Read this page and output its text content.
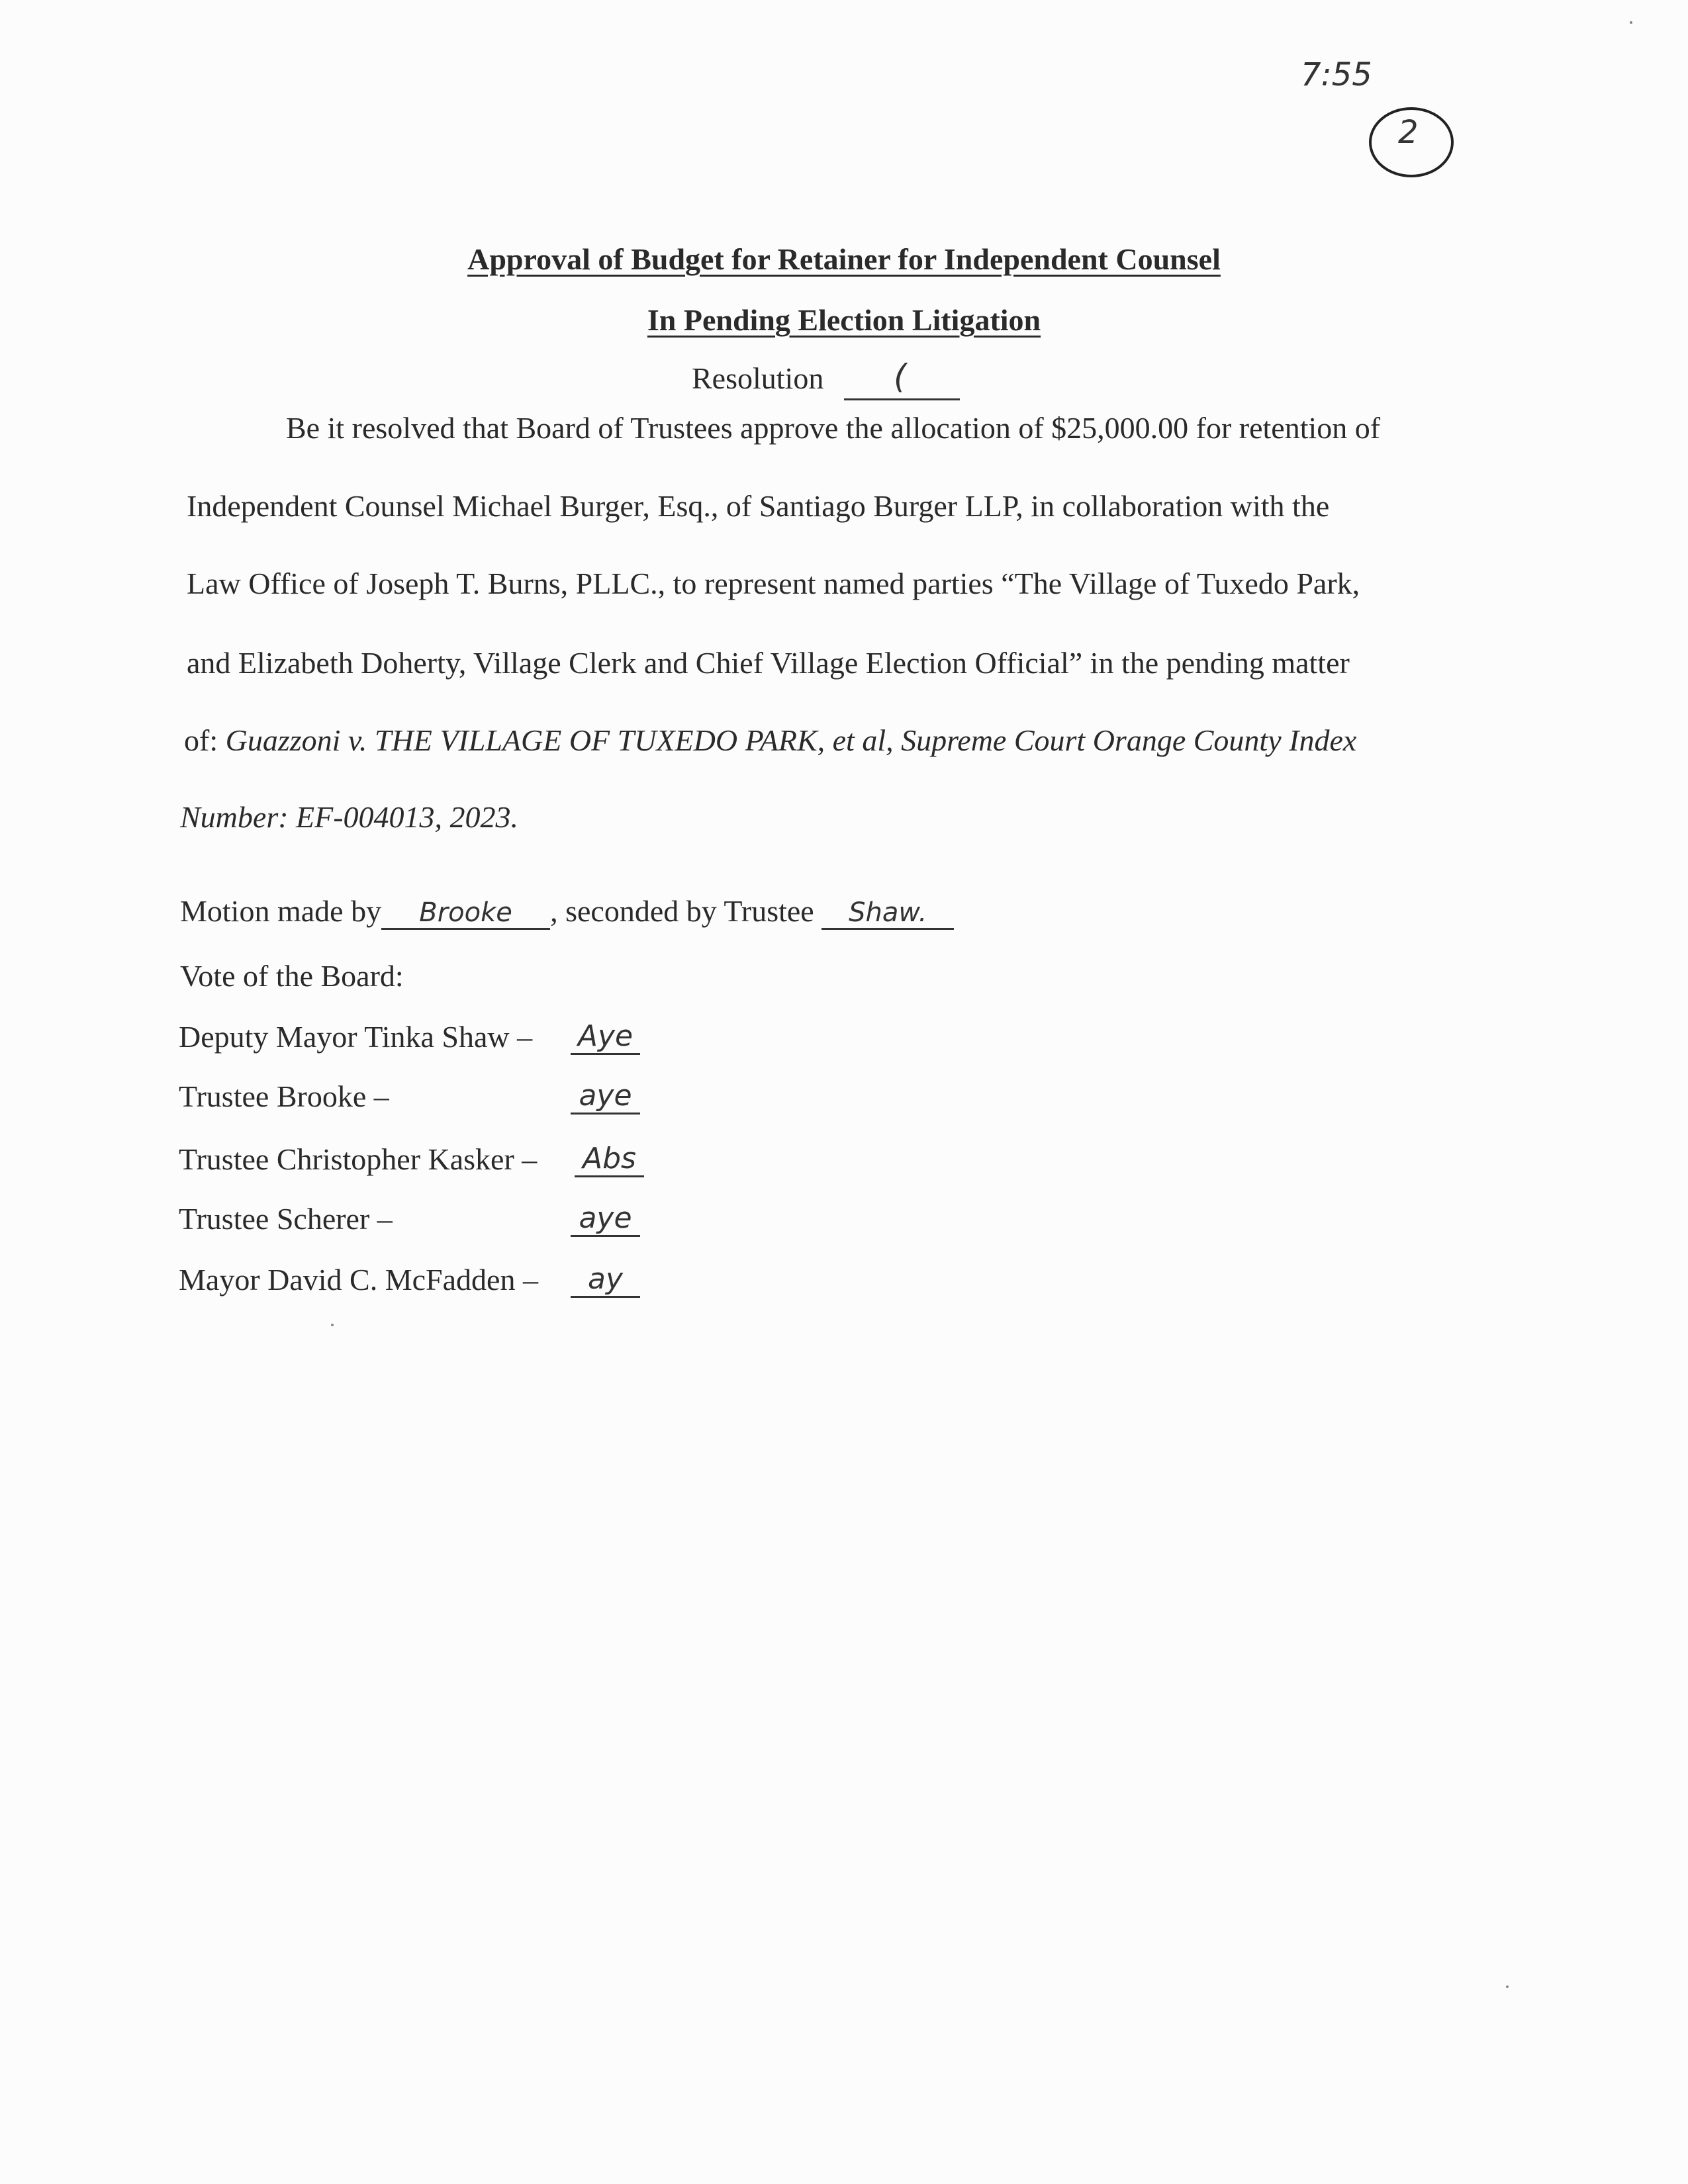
7:55
2
Approval of Budget for Retainer for Independent Counsel
In Pending Election Litigation
Resolution (
Be it resolved that Board of Trustees approve the allocation of $25,000.00 for retention of
Independent Counsel Michael Burger, Esq., of Santiago Burger LLP, in collaboration with the
Law Office of Joseph T. Burns, PLLC., to represent named parties “The Village of Tuxedo Park,
and Elizabeth Doherty, Village Clerk and Chief Village Election Official” in the pending matter
of: Guazzoni v. THE VILLAGE OF TUXEDO PARK, et al, Supreme Court Orange County Index
Number: EF-004013, 2023.
Motion made by Brooke , seconded by Trustee Shaw.
Vote of the Board:
Deputy Mayor Tinka Shaw – Aye
Trustee Brooke –	aye
Trustee Christopher Kasker – Abs
Trustee Scherer –	aye
Mayor David C. McFadden –	ay
